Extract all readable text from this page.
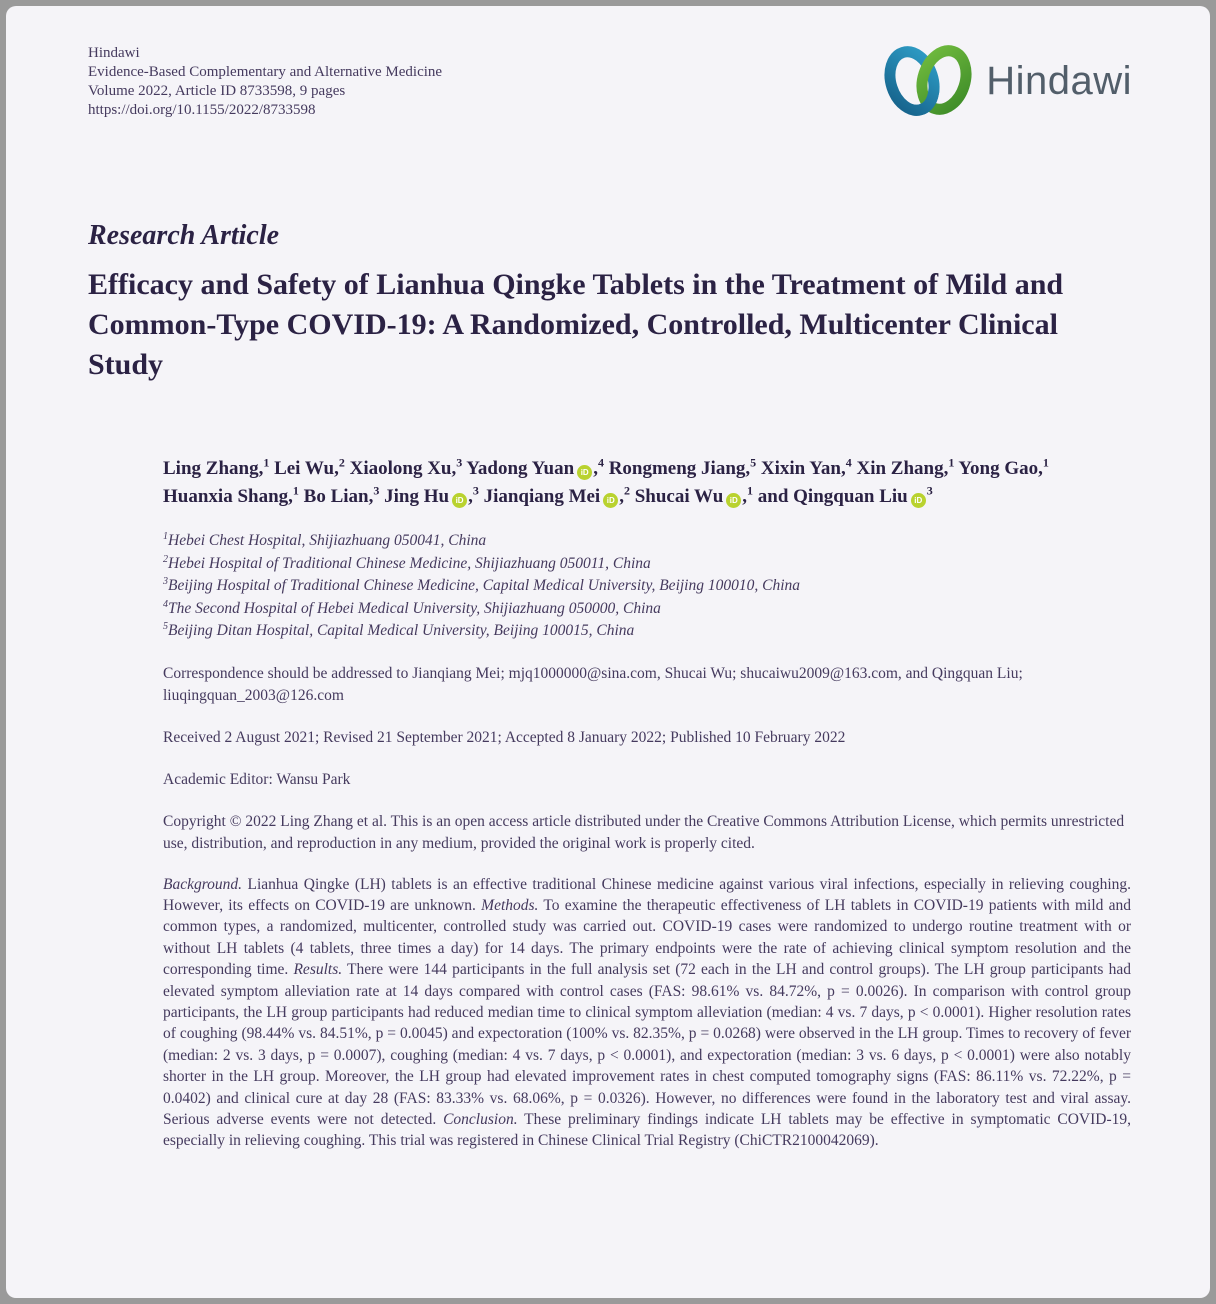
Hindawi
Evidence-Based Complementary and Alternative Medicine
Volume 2022, Article ID 8733598, 9 pages
https://doi.org/10.1155/2022/8733598
Hindawi
Research Article
Efficacy and Safety of Lianhua Qingke Tablets in the Treatment of Mild and Common-Type COVID-19: A Randomized, Controlled, Multicenter Clinical Study
Ling Zhang,$^1$ Lei Wu,$^2$ Xiaolong Xu,$^3$ Yadong Yuan iD ,$^4$ Rongmeng Jiang,$^5$ Xixin Yan,$^4$ Xin Zhang,$^1$ Yong Gao,$^1$ Huanxia Shang,$^1$ Bo Lian,$^3$ Jing Hu iD ,$^3$ Jianqiang Mei iD ,$^2$ Shucai Wu iD ,$^1$ and Qingquan Liu $iD^3$
$^1$Hebei Chest Hospital, Shijiazhuang 050041, China
$^2$Hebei Hospital of Traditional Chinese Medicine, Shijiazhuang 050011, China
$^3$Beijing Hospital of Traditional Chinese Medicine, Capital Medical University, Beijing 100010, China
$^4$The Second Hospital of Hebei Medical University, Shijiazhuang 050000, China
$^5$Beijing Ditan Hospital, Capital Medical University, Beijing 100015, China

Correspondence should be addressed to Jianqiang Mei; mjq1000000@sina.com, Shucai Wu; shucaiwu2009@163.com, and Qingquan Liu; liuqingquan_2003@126.com

Received 2 August 2021; Revised 21 September 2021; Accepted 8 January 2022; Published 10 February 2022

Academic Editor: Wansu Park

Copyright © 2022 Ling Zhang et al. This is an open access article distributed under the Creative Commons Attribution License, which permits unrestricted use, distribution, and reproduction in any medium, provided the original work is properly cited.

Background. Lianhua Qingke (LH) tablets is an effective traditional Chinese medicine against various viral infections, especially in relieving coughing. However, its effects on COVID-19 are unknown. Methods. To examine the therapeutic effectiveness of LH tablets in COVID-19 patients with mild and common types, a randomized, multicenter, controlled study was carried out. COVID-19 cases were randomized to undergo routine treatment with or without LH tablets (4 tablets, three times a day) for 14 days. The primary endpoints were the rate of achieving clinical symptom resolution and the corresponding time. Results. There were 144 participants in the full analysis set (72 each in the LH and control groups). The LH group participants had elevated symptom alleviation rate at 14 days compared with control cases (FAS: 98.61% vs. 84.72%, p = 0.0026). In comparison with control group participants, the LH group participants had reduced median time to clinical symptom alleviation (median: 4 vs. 7 days, p < 0.0001). Higher resolution rates of coughing (98.44% vs. 84.51%, p = 0.0045) and expectoration (100% vs. 82.35%, p = 0.0268) were observed in the LH group. Times to recovery of fever (median: 2 vs. 3 days, p = 0.0007), coughing (median: 4 vs. 7 days, p < 0.0001), and expectoration (median: 3 vs. 6 days, p < 0.0001) were also notably shorter in the LH group. Moreover, the LH group had elevated improvement rates in chest computed tomography signs (FAS: 86.11% vs. 72.22%, p = 0.0402) and clinical cure at day 28 (FAS: 83.33% vs. 68.06%, p = 0.0326). However, no differences were found in the laboratory test and viral assay. Serious adverse events were not detected. Conclusion. These preliminary findings indicate LH tablets may be effective in symptomatic COVID-19, especially in relieving coughing. This trial was registered in Chinese Clinical Trial Registry (ChiCTR2100042069).
